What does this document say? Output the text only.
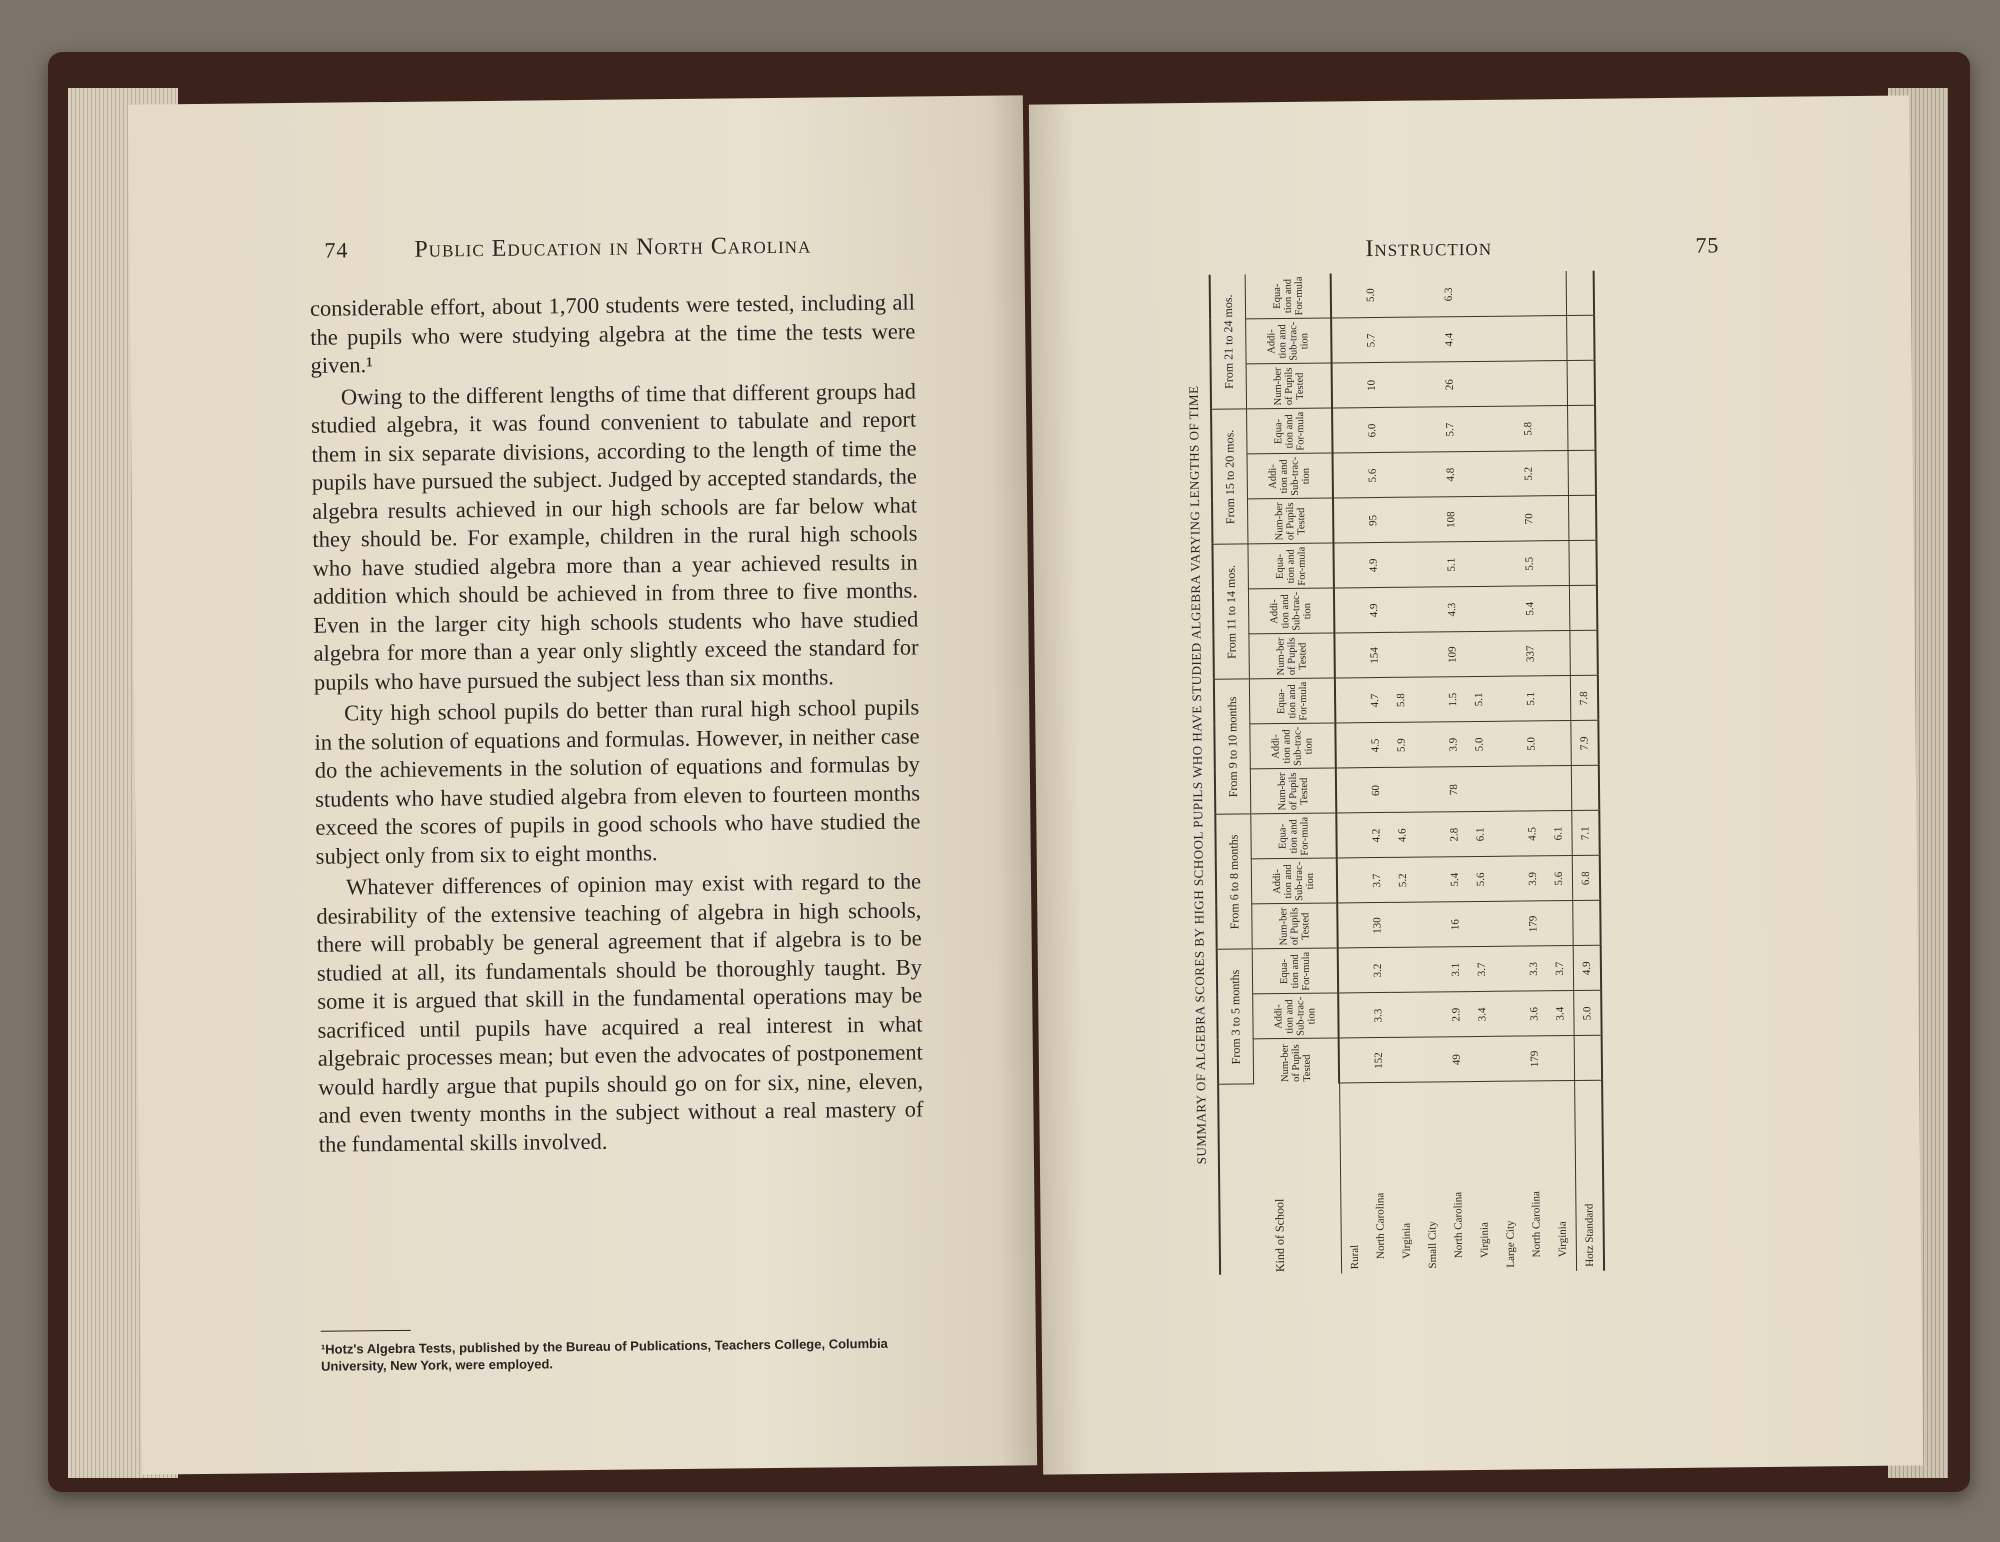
74	Public Education in North Carolina

considerable effort, about 1,700 students were tested, including all the pupils who were studying algebra at the time the tests were given.¹

Owing to the different lengths of time that different groups had studied algebra, it was found convenient to tabulate and report them in six separate divisions, according to the length of time the pupils have pursued the subject. Judged by accepted standards, the algebra results achieved in our high schools are far below what they should be. For example, children in the rural high schools who have studied algebra more than a year achieved results in addition which should be achieved in from three to five months. Even in the larger city high schools students who have studied algebra for more than a year only slightly exceed the standard for pupils who have pursued the subject less than six months.

City high school pupils do better than rural high school pupils in the solution of equations and formulas. However, in neither case do the achievements in the solution of equations and formulas by students who have studied algebra from eleven to fourteen months exceed the scores of pupils in good schools who have studied the subject only from six to eight months.

Whatever differences of opinion may exist with regard to the desirability of the extensive teaching of algebra in high schools, there will probably be general agreement that if algebra is to be studied at all, its fundamentals should be thoroughly taught. By some it is argued that skill in the fundamental operations may be sacrificed until pupils have acquired a real interest in what algebraic processes mean; but even the advocates of postponement would hardly argue that pupils should go on for six, nine, eleven, and even twenty months in the subject without a real mastery of the fundamental skills involved.

¹Hotz's Algebra Tests, published by the Bureau of Publications, Teachers College, Columbia University, New York, were employed.
Instruction	75
SUMMARY OF ALGEBRA SCORES BY HIGH SCHOOL PUPILS WHO HAVE STUDIED ALGEBRA VARYING LENGTHS OF TIME
Kind of School	From 3 to 5 months			From 6 to 8 months			From 9 to 10 months			From 11 to 14 mos.			From 15 to 20 mos.			From 21 to 24 mos.		
	Num-ber of Pupils Tested	Addi-tion and Sub-trac-tion	Equa-tion and For-mula	Num-ber of Pupils Tested	Addi-tion and Sub-trac-tion	Equa-tion and For-mula	Num-ber of Pupils Tested	Addi-tion and Sub-trac-tion	Equa-tion and For-mula	Num-ber of Pupils Tested	Addi-tion and Sub-trac-tion	Equa-tion and For-mula	Num-ber of Pupils Tested	Addi-tion and Sub-trac-tion	Equa-tion and For-mula	Num-ber of Pupils Tested	Addi-tion and Sub-trac-tion	Equa-tion and For-mula
Rural																		
North Carolina	152	3.3	3.2	130	3.7	4.2	60	4.5	4.7	154	4.9	4.9	95	5.6	6.0	10	5.7	5.0
Virginia					5.2	4.6		5.9	5.8									
Small City																		
North Carolina	49	2.9	3.1	16	5.4	2.8	78	3.9	1.5	109	4.3	5.1	108	4.8	5.7	26	4.4	6.3
Virginia		3.4	3.7		5.6	6.1		5.0	5.1									
Large City																		
North Carolina	179	3.6	3.3	179	3.9	4.5		5.0	5.1	337	5.4	5.5	70	5.2	5.8			
Virginia		3.4	3.7		5.6	6.1												
Hotz Standard		5.0	4.9		6.8	7.1		7.9	7.8									
